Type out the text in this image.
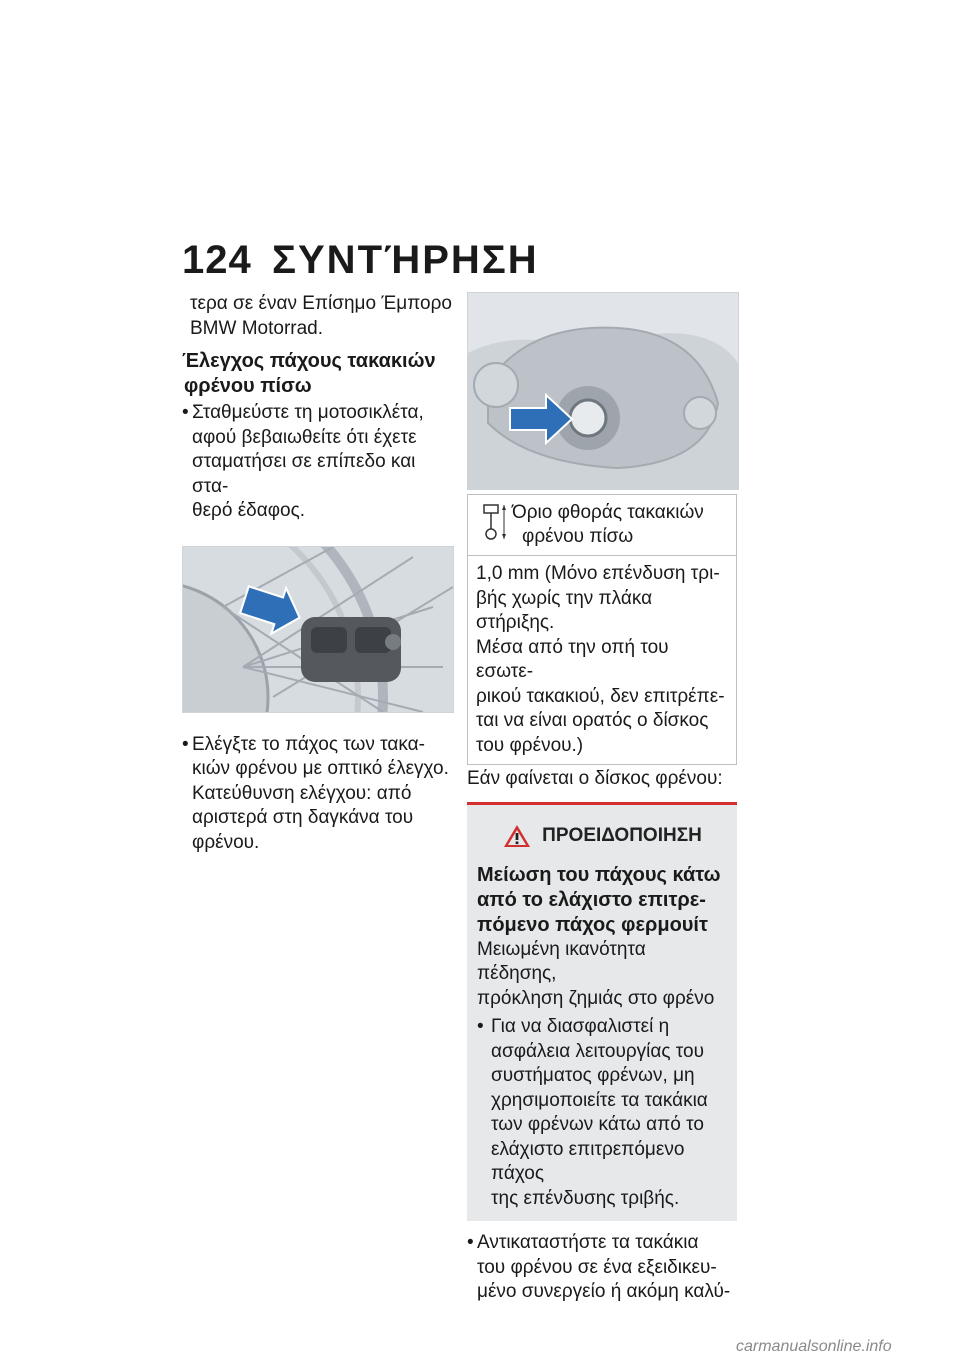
124 ΣΥΝΤΉΡΗΣΗ

τερα σε έναν Επίσημο Έμπορο

BMW Motorrad.

Έλεγχος πάχους τακακιών
φρένου πίσω
• Σταθμεύστε τη μοτοσικλέτα,
αφού βεβαιωθείτε ότι έχετε
σταματήσει σε επίπεδο και στα-
θερό έδαφος.
• Ελέγξτε το πάχος των τακα-
κιών φρένου με οπτικό έλεγχο.
Κατεύθυνση ελέγχου: από
αριστερά στη δαγκάνα του
φρένου.
Όριο φθοράς τακακιών
φρένου πίσω
1,0 mm (Μόνο επένδυση τρι-
βής χωρίς την πλάκα στήριξης.
Μέσα από την οπή του εσωτε-
ρικού τακακιού, δεν επιτρέπε-
ται να είναι ορατός ο δίσκος
του φρένου.)

Εάν φαίνεται ο δίσκος φρένου:

ΠΡΟΕΙΔΟΠΟΙΗΣΗ
Μείωση του πάχους κάτω
από το ελάχιστο επιτρε-
πόμενο πάχος φερμουίτ
Μειωμένη ικανότητα πέδησης,
πρόκληση ζημιάς στο φρένο
• Για να διασφαλιστεί η
ασφάλεια λειτουργίας του
συστήματος φρένων, μη
χρησιμοποιείτε τα τακάκια
των φρένων κάτω από το
ελάχιστο επιτρεπόμενο πάχος
της επένδυσης τριβής.
• Αντικαταστήστε τα τακάκια
του φρένου σε ένα εξειδικευ-
μένο συνεργείο ή ακόμη καλύ-
carmanualsonline.info
